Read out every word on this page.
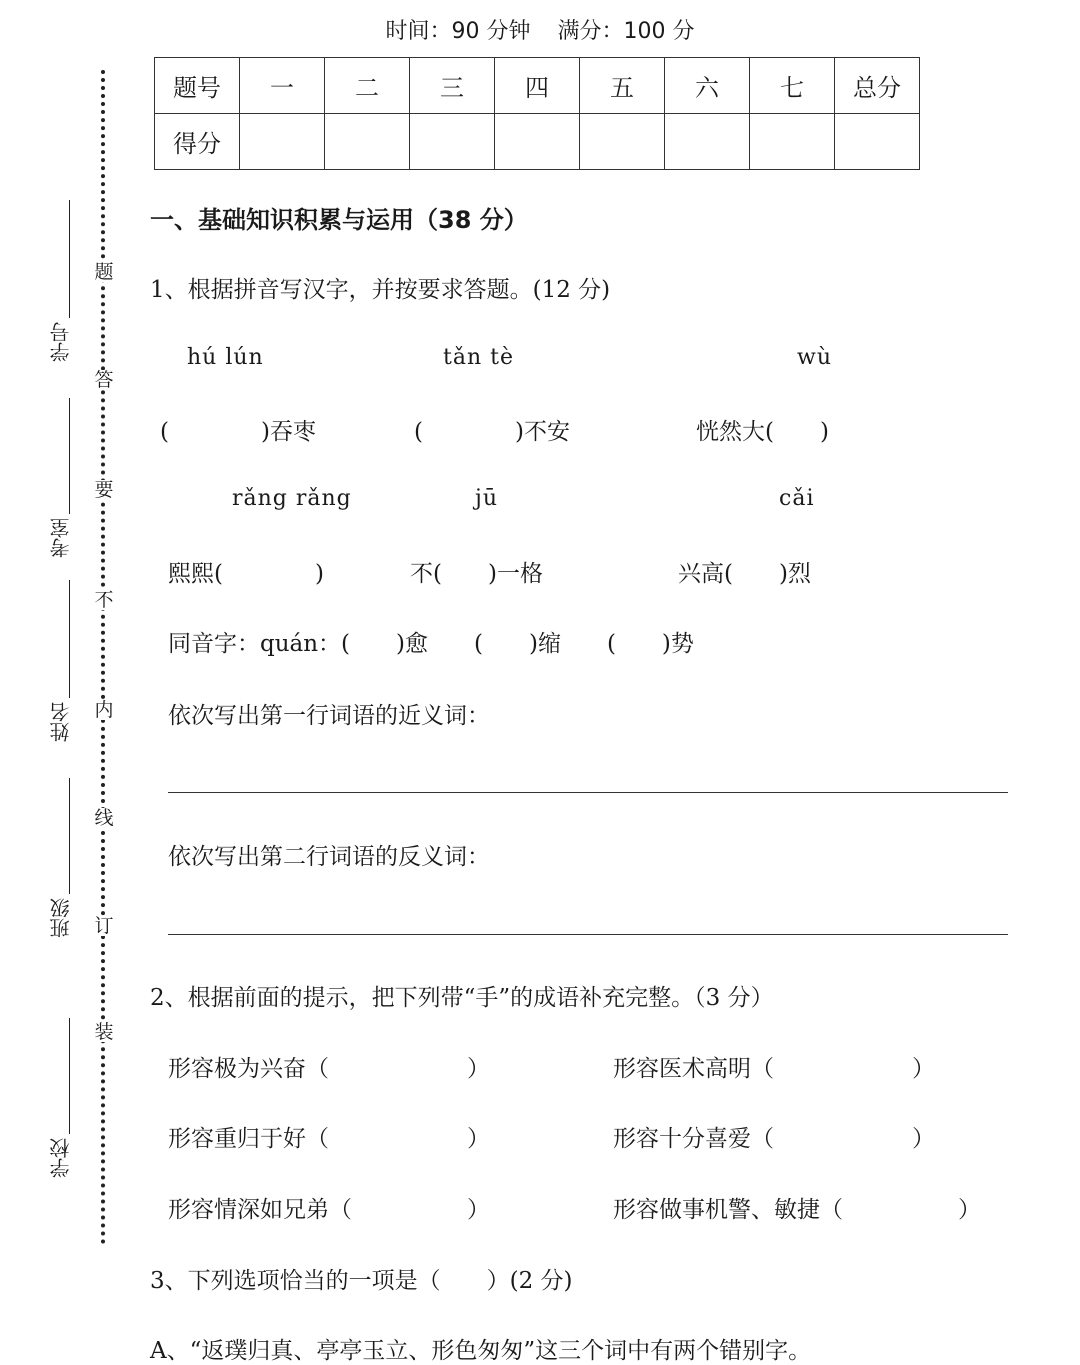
时间：90 分钟 满分：100 分
题号	一	二	三	四	五	六	七	总分
得分								
题
答
要
不
内
线
订
装
学号
考室
姓名
班级
学校
一、基础知识积累与运用（38 分）
1、根据拼音写汉字，并按要求答题。(12 分)
hú lún	tǎn tè	wù
(　　　　)吞枣	(　　　　)不安	恍然大(　　)
rǎng rǎng	jū	cǎi
熙熙(　　　　)	不(　　)一格	兴高(　　)烈
同音字：quán：(　　)愈　　(　　)缩　　(　　)势
依次写出第一行词语的近义词：
依次写出第二行词语的反义词：
2、根据前面的提示，把下列带“手”的成语补充完整。（3 分）
形容极为兴奋（　　　　　　）	形容医术高明（　　　　　　）
形容重归于好（　　　　　　）	形容十分喜爱（　　　　　　）
形容情深如兄弟（　　　　　）	形容做事机警、敏捷（　　　　　）
3、下列选项恰当的一项是（　　）(2 分)
A、“返璞归真、亭亭玉立、形色匆匆”这三个词中有两个错别字。
